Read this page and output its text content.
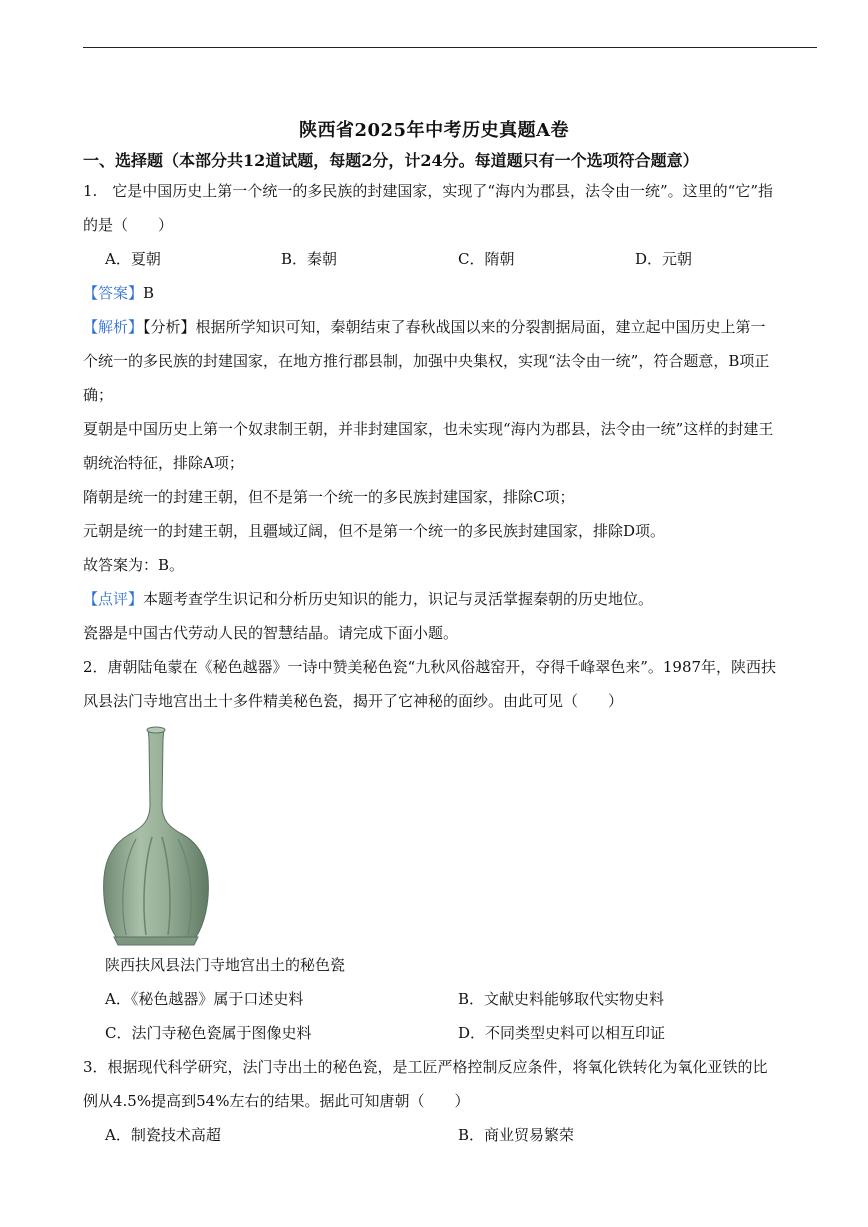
陕西省2025年中考历史真题A卷
一、选择题（本部分共12道试题，每题2分，计24分。每道题只有一个选项符合题意）
1.　它是中国历史上第一个统一的多民族的封建国家，实现了“海内为郡县，法令由一统”。这里的“它”指
的是（　　）
A．夏朝	B．秦朝	C．隋朝	D．元朝
【答案】B
【解析】【分析】根据所学知识可知，秦朝结束了春秋战国以来的分裂割据局面，建立起中国历史上第一
个统一的多民族的封建国家，在地方推行郡县制，加强中央集权，实现“法令由一统”，符合题意，B项正
确；
夏朝是中国历史上第一个奴隶制王朝，并非封建国家，也未实现“海内为郡县，法令由一统”这样的封建王
朝统治特征，排除A项；
隋朝是统一的封建王朝，但不是第一个统一的多民族封建国家，排除C项；
元朝是统一的封建王朝，且疆域辽阔，但不是第一个统一的多民族封建国家，排除D项。
故答案为：B。
【点评】本题考查学生识记和分析历史知识的能力，识记与灵活掌握秦朝的历史地位。
瓷器是中国古代劳动人民的智慧结晶。请完成下面小题。
2．唐朝陆龟蒙在《秘色越器》一诗中赞美秘色瓷“九秋风俗越窑开，夺得千峰翠色来”。1987年，陕西扶
风县法门寺地宫出土十多件精美秘色瓷，揭开了它神秘的面纱。由此可见（　　）
陕西扶风县法门寺地宫出土的秘色瓷
A．《秘色越器》属于口述史料	B．文献史料能够取代实物史料
C．法门寺秘色瓷属于图像史料	D．不同类型史料可以相互印证
3．根据现代科学研究，法门寺出土的秘色瓷，是工匠严格控制反应条件，将氧化铁转化为氧化亚铁的比
例从4.5%提高到54%左右的结果。据此可知唐朝（　　）
A．制瓷技术高超	B．商业贸易繁荣
